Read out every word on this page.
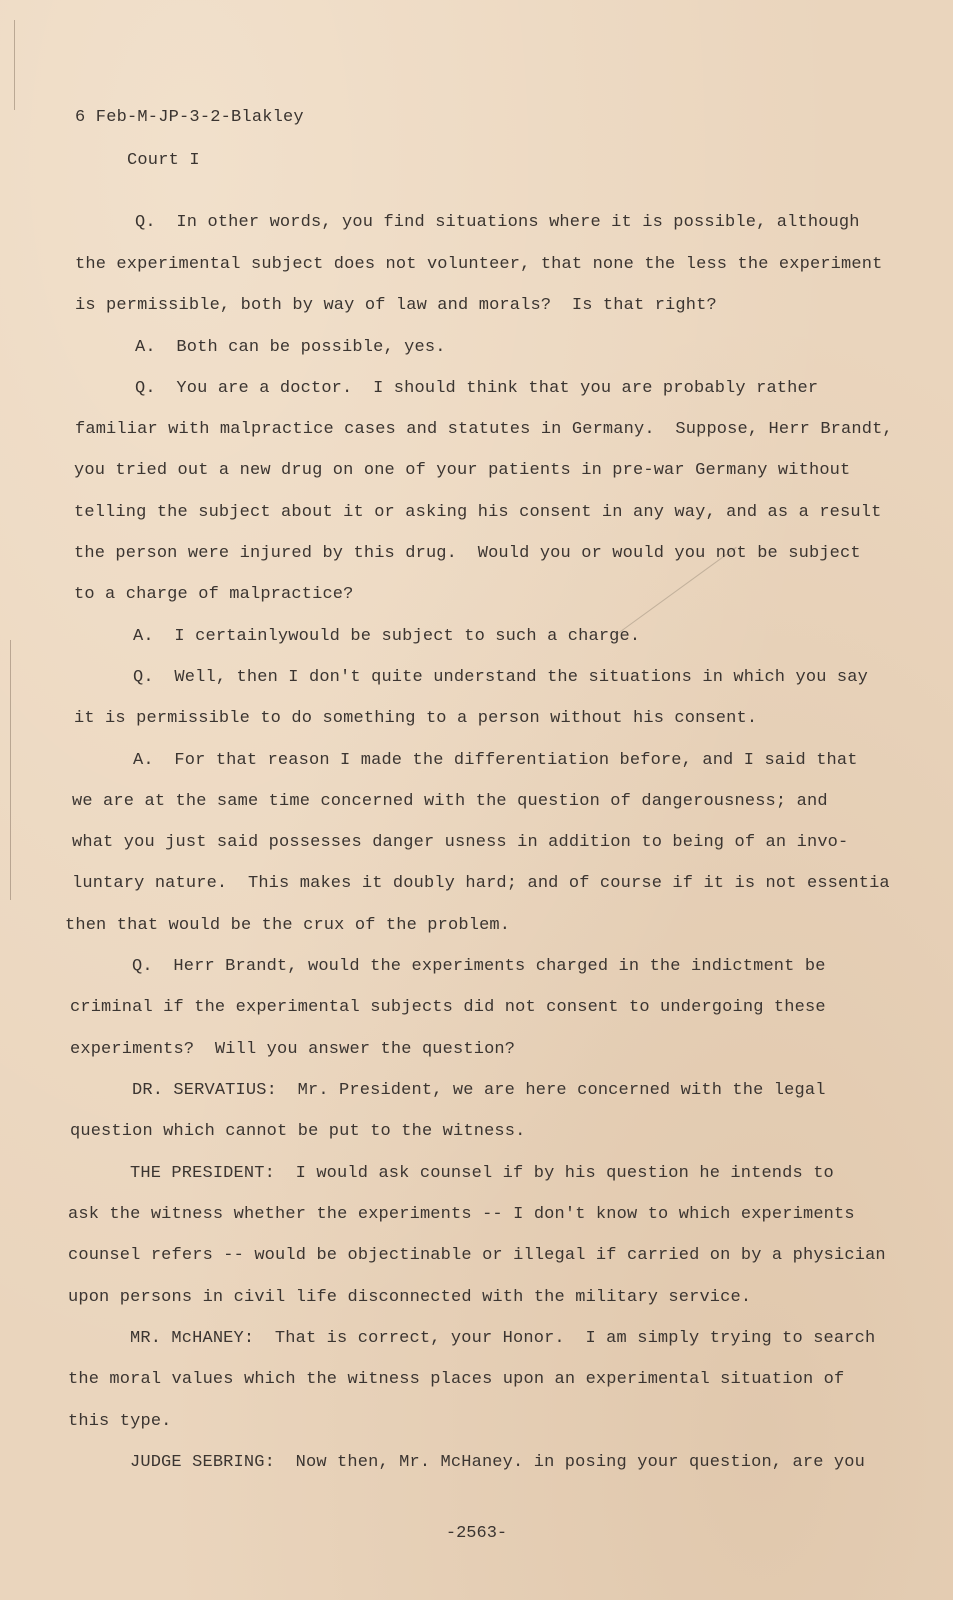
6 Feb-M-JP-3-2-Blakley
Court I
Q.  In other words, you find situations where it is possible, although
the experimental subject does not volunteer, that none the less the experiment
is permissible, both by way of law and morals?  Is that right?
A.  Both can be possible, yes.
Q.  You are a doctor.  I should think that you are probably rather
familiar with malpractice cases and statutes in Germany.  Suppose, Herr Brandt,
you tried out a new drug on one of your patients in pre-war Germany without
telling the subject about it or asking his consent in any way, and as a result
the person were injured by this drug.  Would you or would you not be subject
to a charge of malpractice?
A.  I certainlywould be subject to such a charge.
Q.  Well, then I don't quite understand the situations in which you say
it is permissible to do something to a person without his consent.
A.  For that reason I made the differentiation before, and I said that
we are at the same time concerned with the question of dangerousness; and
what you just said possesses danger usness in addition to being of an invo-
luntary nature.  This makes it doubly hard; and of course if it is not essentia
then that would be the crux of the problem.
Q.  Herr Brandt, would the experiments charged in the indictment be
criminal if the experimental subjects did not consent to undergoing these
experiments?  Will you answer the question?
DR. SERVATIUS:  Mr. President, we are here concerned with the legal
question which cannot be put to the witness.
THE PRESIDENT:  I would ask counsel if by his question he intends to
ask the witness whether the experiments -- I don't know to which experiments
counsel refers -- would be objectinable or illegal if carried on by a physician
upon persons in civil life disconnected with the military service.
MR. McHANEY:  That is correct, your Honor.  I am simply trying to search
the moral values which the witness places upon an experimental situation of
this type.
JUDGE SEBRING:  Now then, Mr. McHaney. in posing your question, are you
-2563-
